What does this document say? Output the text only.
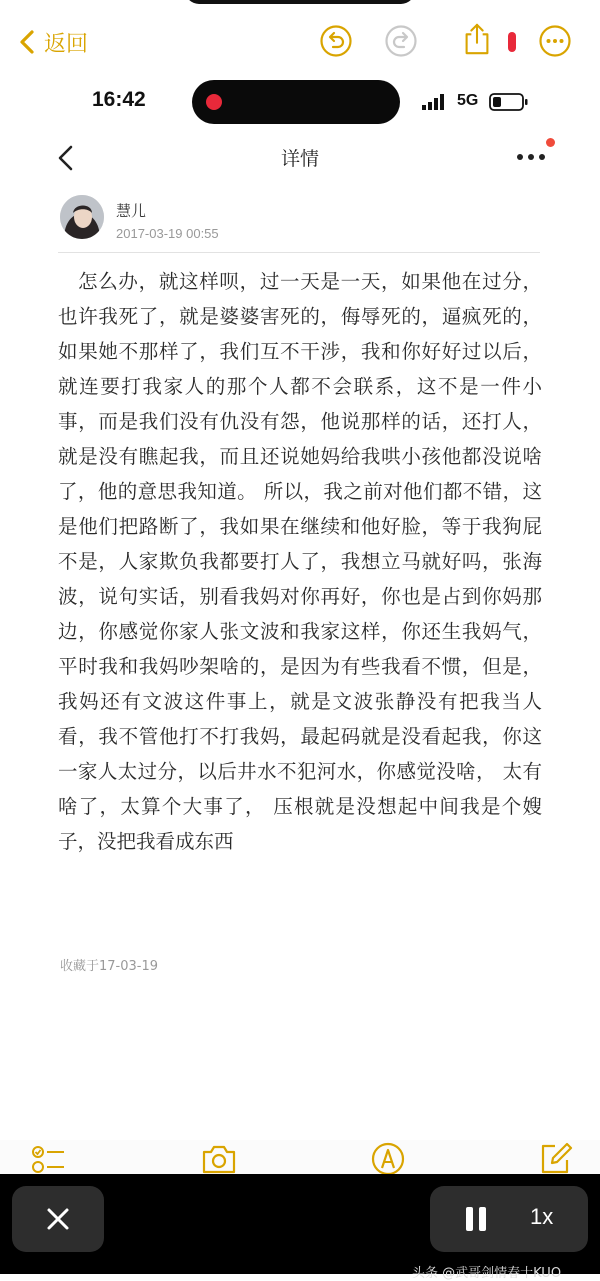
返回
16:42	5G
详情
慧儿
2017-03-19 00:55
怎么办，就这样呗，过一天是一天，如果他在过分，也许我死了，就是婆婆害死的，侮辱死的，逼疯死的，如果她不那样了，我们互不干涉，我和你好好过以后，就连要打我家人的那个人都不会联系，这不是一件小事，而是我们没有仇没有怨，他说那样的话，还打人，就是没有瞧起我，而且还说她妈给我哄小孩他都没说啥了，他的意思我知道。 所以，我之前对他们都不错，这是他们把路断了，我如果在继续和他好脸，等于我狗屁不是，人家欺负我都要打人了，我想立马就好吗，张海波，说句实话，别看我妈对你再好，你也是占到你妈那边，你感觉你家人张文波和我家这样，你还生我妈气，平时我和我妈吵架啥的，是因为有些我看不惯，但是，我妈还有文波这件事上，就是文波张静没有把我当人看，我不管他打不打我妈，最起码就是没看起我，你这一家人太过分，以后井水不犯河水，你感觉没啥， 太有啥了，太算个大事了， 压根就是没想起中间我是个嫂子，没把我看成东西
收藏于17-03-19
1x
头条 @武哥剑情春十KUO
